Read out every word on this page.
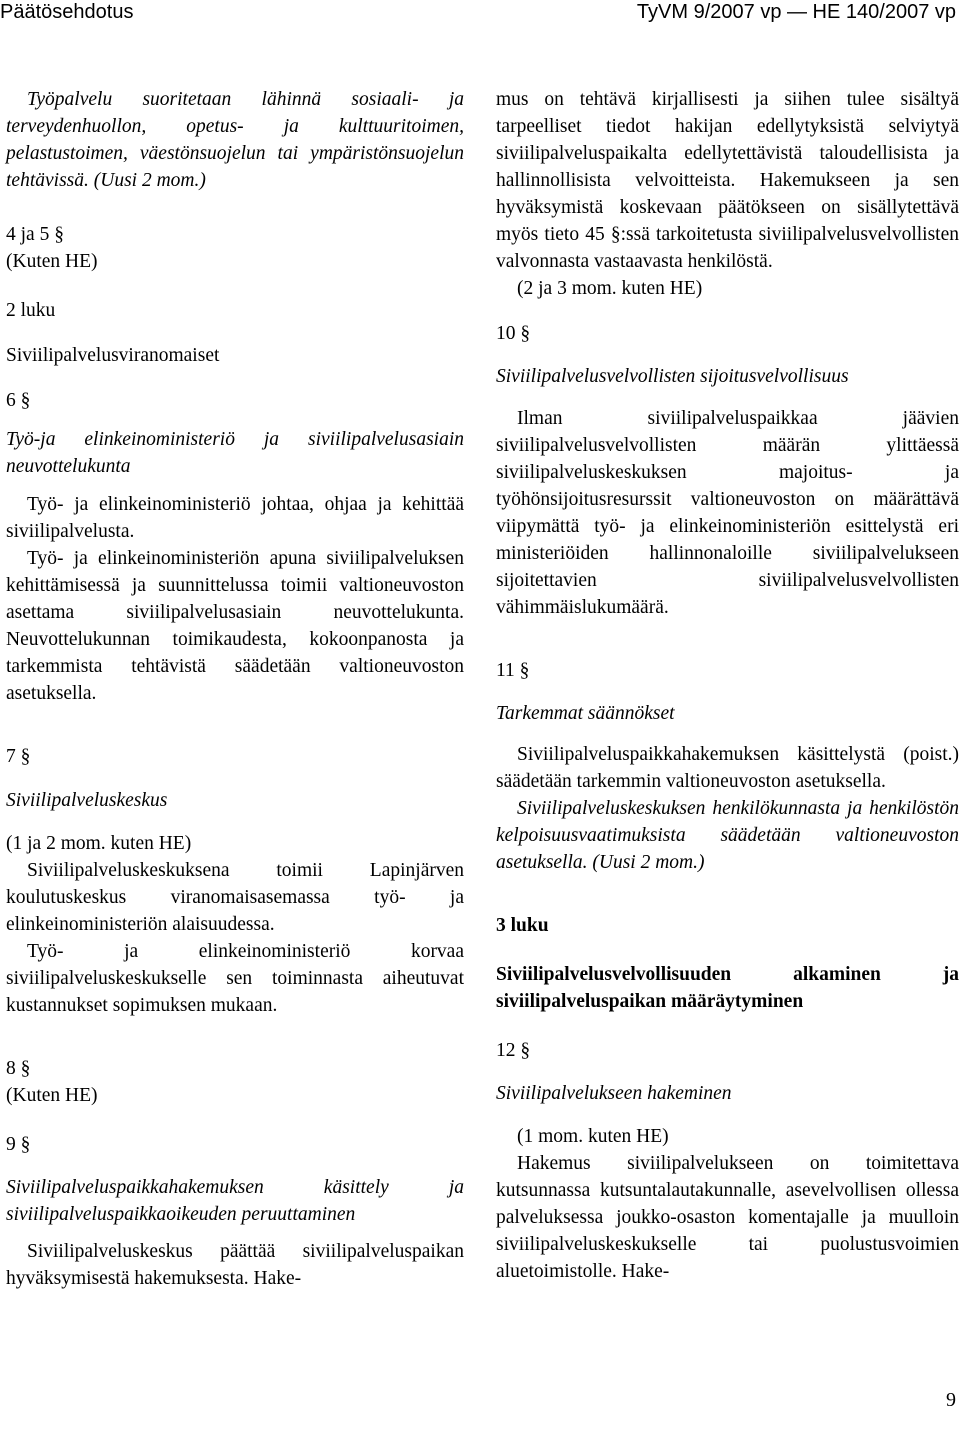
Päätösehdotus	TyVM 9/2007 vp — HE 140/2007 vp

Työpalvelu suoritetaan lähinnä sosiaali- ja terveydenhuollon, opetus- ja kulttuuritoimen, pelastustoimen, väestönsuojelun tai ympäristönsuojelun tehtävissä. (Uusi 2 mom.)

4 ja 5 §

(Kuten HE)

2 luku

Siviilipalvelusviranomaiset

6 §

Työ-ja elinkeinoministeriö ja siviilipalvelusasiain neuvottelukunta

Työ- ja elinkeinoministeriö johtaa, ohjaa ja kehittää siviilipalvelusta.

Työ- ja elinkeinoministeriön apuna siviilipalveluksen kehittämisessä ja suunnittelussa toimii valtioneuvoston asettama siviilipalvelusasiain neuvottelukunta. Neuvottelukunnan toimikaudesta, kokoonpanosta ja tarkemmista tehtävistä säädetään valtioneuvoston asetuksella.

7 §

Siviilipalveluskeskus

(1 ja 2 mom. kuten HE)

Siviilipalveluskeskuksena toimii Lapinjärven koulutuskeskus viranomaisasemassa työ- ja elinkeinoministeriön alaisuudessa.

Työ- ja elinkeinoministeriö korvaa siviilipalveluskeskukselle sen toiminnasta aiheutuvat kustannukset sopimuksen mukaan.

8 §

(Kuten HE)

9 §

Siviilipalveluspaikkahakemuksen käsittely ja siviilipalveluspaikkaoikeuden peruuttaminen

Siviilipalveluskeskus päättää siviilipalveluspaikan hyväksymisestä hakemuksesta. Hake-

mus on tehtävä kirjallisesti ja siihen tulee sisältyä tarpeelliset tiedot hakijan edellytyksistä selviytyä siviilipalveluspaikalta edellytettävistä taloudellisista ja hallinnollisista velvoitteista. Hakemukseen ja sen hyväksymistä koskevaan päätökseen on sisällytettävä myös tieto 45 §:ssä tarkoitetusta siviilipalvelusvelvollisten valvonnasta vastaavasta henkilöstä.

(2 ja 3 mom. kuten HE)

10 §

Siviilipalvelusvelvollisten sijoitusvelvollisuus

Ilman siviilipalveluspaikkaa jäävien siviilipalvelusvelvollisten määrän ylittäessä siviilipalveluskeskuksen majoitus- ja työhönsijoitusresurssit valtioneuvoston on määrättävä viipymättä työ- ja elinkeinoministeriön esittelystä eri ministeriöiden hallinnonaloille siviilipalvelukseen sijoitettavien siviilipalvelusvelvollisten vähimmäislukumäärä.

11 §

Tarkemmat säännökset

Siviilipalveluspaikkahakemuksen käsittelystä (poist.) säädetään tarkemmin valtioneuvoston asetuksella.

Siviilipalveluskeskuksen henkilökunnasta ja henkilöstön kelpoisuusvaatimuksista säädetään valtioneuvoston asetuksella. (Uusi 2 mom.)

3 luku

Siviilipalvelusvelvollisuuden alkaminen ja siviilipalveluspaikan määräytyminen

12 §

Siviilipalvelukseen hakeminen

(1 mom. kuten HE)

Hakemus siviilipalvelukseen on toimitettava kutsunnassa kutsuntalautakunnalle, asevelvollisen ollessa palveluksessa joukko-osaston komentajalle ja muulloin siviilipalveluskeskukselle tai puolustusvoimien aluetoimistolle. Hake-

9
